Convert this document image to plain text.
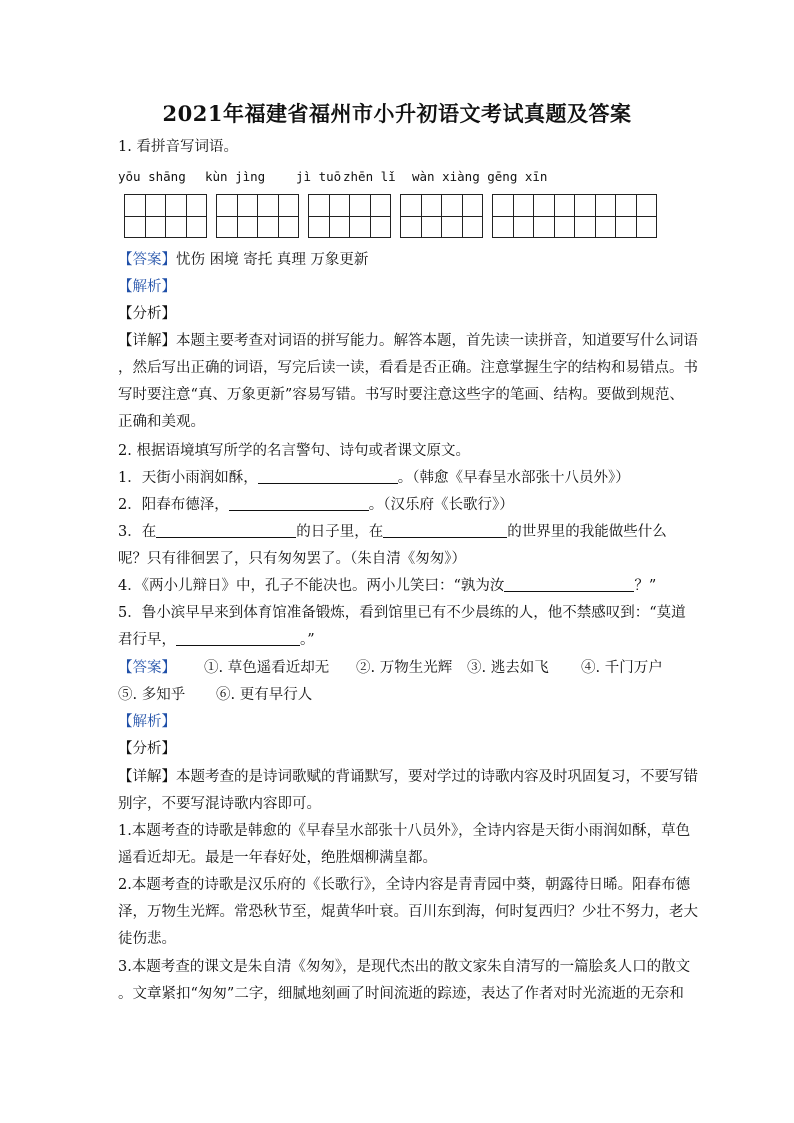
2021年福建省福州市小升初语文考试真题及答案
1. 看拼音写词语。
yōu shāng kùn jìng jì tuō zhēn lǐ wàn xiàng gēng xīn
【答案】忧伤 困境 寄托 真理 万象更新
【解析】
【分析】
【详解】本题主要考查对词语的拼写能力。解答本题，首先读一读拼音，知道要写什么词语
，然后写出正确的词语，写完后读一读，看看是否正确。注意掌握生字的结构和易错点。书
写时要注意“真、万象更新”容易写错。书写时要注意这些字的笔画、结构。要做到规范、
正确和美观。
2. 根据语境填写所学的名言警句、诗句或者课文原文。
1．天街小雨润如酥，	。（韩愈《早春呈水部张十八员外》）
2．阳春布德泽，	。（汉乐府《长歌行》）
3．在	的日子里，在	的世界里的我能做些什么
呢？只有徘徊罢了，只有匆匆罢了。（朱自清《匆匆》）
4．《两小儿辩日》中，孔子不能决也。两小儿笑曰：“孰为汝	？”
5．鲁小滨早早来到体育馆准备锻炼，看到馆里已有不少晨练的人，他不禁感叹到：“莫道
君行早，	。”
【答案】 ①. 草色遥看近却无 ②. 万物生光辉 ③. 逃去如飞 ④. 千门万户
⑤. 多知乎 ⑥. 更有早行人
【解析】
【分析】
【详解】本题考查的是诗词歌赋的背诵默写，要对学过的诗歌内容及时巩固复习，不要写错
别字，不要写混诗歌内容即可。
1.本题考查的诗歌是韩愈的《早春呈水部张十八员外》，全诗内容是天街小雨润如酥，草色
遥看近却无。最是一年春好处，绝胜烟柳满皇都。
2.本题考查的诗歌是汉乐府的《长歌行》，全诗内容是青青园中葵，朝露待日晞。阳春布德
泽，万物生光辉。常恐秋节至，焜黄华叶衰。百川东到海，何时复西归？少壮不努力，老大
徒伤悲。
3.本题考查的课文是朱自清《匆匆》，是现代杰出的散文家朱自清写的一篇脍炙人口的散文
。文章紧扣“匆匆”二字，细腻地刻画了时间流逝的踪迹，表达了作者对时光流逝的无奈和
